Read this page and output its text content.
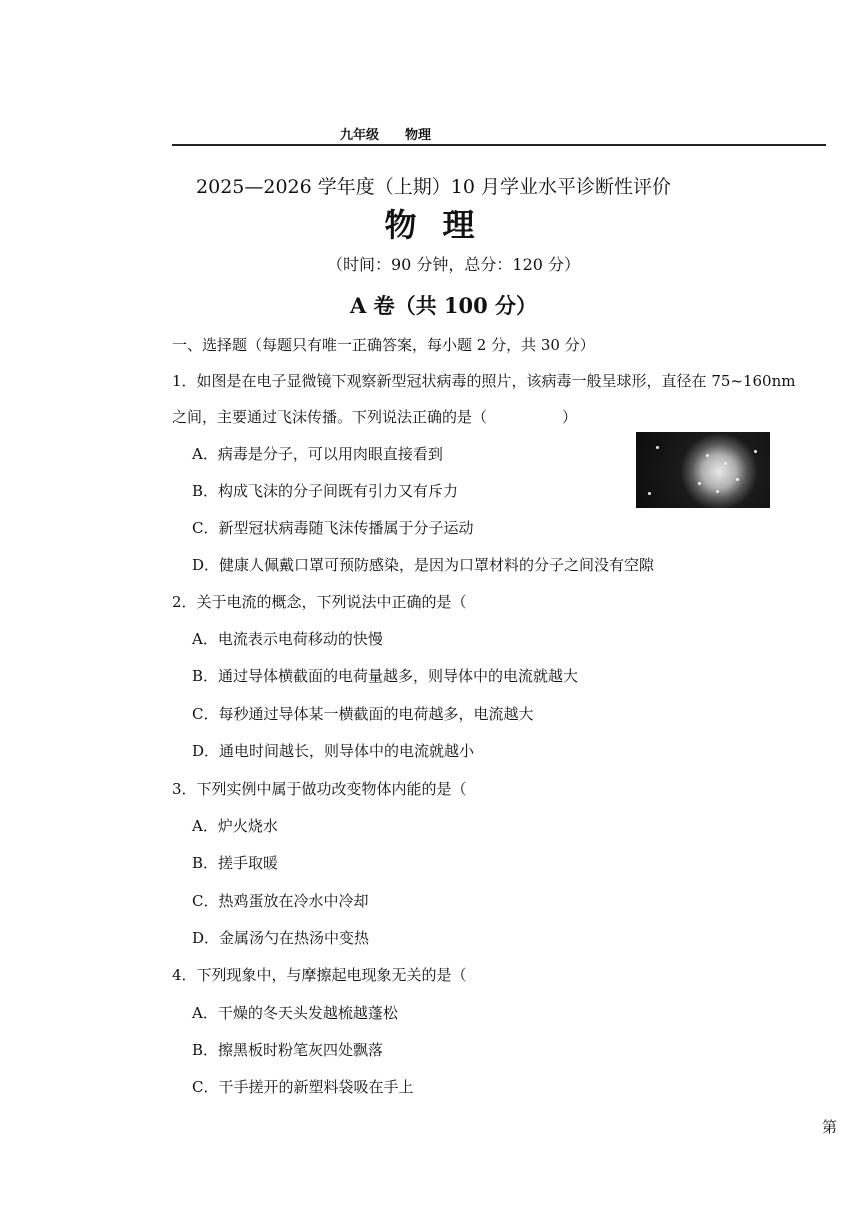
九年级　　物理
2025—2026 学年度（上期）10 月学业水平诊断性评价
物理
（时间：90 分钟，总分：120 分）
A 卷（共 100 分）
一、选择题（每题只有唯一正确答案，每小题 2 分，共 30 分）
1．如图是在电子显微镜下观察新型冠状病毒的照片，该病毒一般呈球形，直径在 75~160nm
之间，主要通过飞沫传播。下列说法正确的是（　　　　　）
A．病毒是分子，可以用肉眼直接看到
B．构成飞沫的分子间既有引力又有斥力
C．新型冠状病毒随飞沫传播属于分子运动
D．健康人佩戴口罩可预防感染，是因为口罩材料的分子之间没有空隙
2．关于电流的概念，下列说法中正确的是（
A．电流表示电荷移动的快慢
B．通过导体横截面的电荷量越多，则导体中的电流就越大
C．每秒通过导体某一横截面的电荷越多，电流越大
D．通电时间越长，则导体中的电流就越小
3．下列实例中属于做功改变物体内能的是（
A．炉火烧水
B．搓手取暖
C．热鸡蛋放在冷水中冷却
D．金属汤勺在热汤中变热
4．下列现象中，与摩擦起电现象无关的是（
A．干燥的冬天头发越梳越蓬松
B．擦黑板时粉笔灰四处飘落
C．干手搓开的新塑料袋吸在手上
第
